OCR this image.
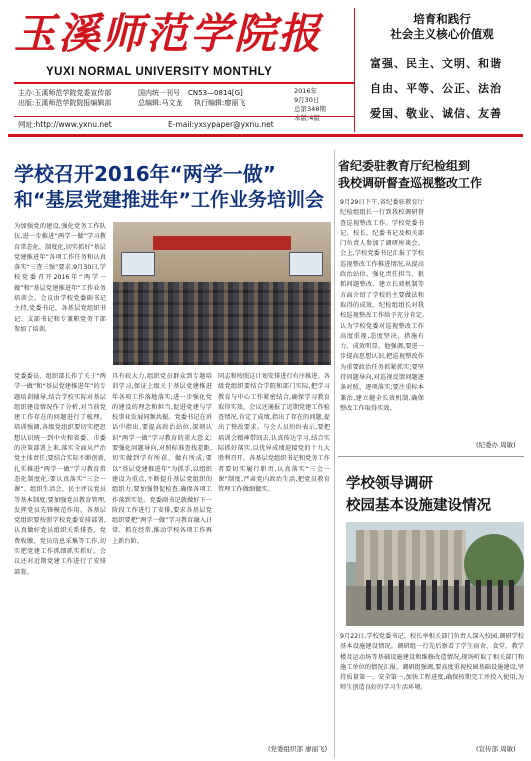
玉溪师范学院报
YUXI NORMAL UNIVERSITY MONTHLY
主办:玉溪师范学院党委宣传部
出版:玉溪师范学院院报编辑部
国内统一刊号 CN53—0814[G]
总编辑:马文龙 执行编辑:廖丽飞
2016年
9月30日
总第348期
本版:4版
网址:http://www.yxnu.net	E-mail:yxsypaper@yxnu.net
培育和践行
社会主义核心价值观
富强、民主、文明、和谐
自由、平等、公正、法治
爱国、敬业、诚信、友善
学校召开2016年“两学一做”
和“基层党建推进年”工作业务培训会
为加强党的建设,强化党务工作队伍,进一步推进“两学一做”学习教育常态化、制度化,切实抓好“基层党建推进年”各项工作任务和认真落实“三查三强”要求,9月30日,学校党委召开2016年“两学一做”和“基层党建推进年”工作业务培训会。会议由学校党委副书记主持,党委书记、各基层党组织书记、支部书记和专兼职党务干部参加了培训。
党委委员、组织部长作了关于“两学一做”和“基层党建推进年”的专题培训辅导,结合学校实际对基层组织建设情况作了分析,对当前党建工作存在的问题进行了梳理。培训强调,各级党组织要切实把思想认识统一到中央和省委、市委的决策部署上来,落实全面从严治党主体责任;要结合实际不断创新,扎实推进“两学一做”学习教育常态化制度化;要认真落实“三会一课”、组织生活会、民主评议党员等基本制度;要加强党员教育管理,发挥党员先锋模范作用。各基层党组织要按照学校党委安排部署,认真做好党员组织关系排查、党费收缴、党员信息采集等工作,切实把党建工作抓细抓实抓好。会议还对近期党建工作进行了安排部署。
具有较大力,组织党员群众到专题培训学习,保证上级关于基层党建推进年各项工作落地落实;进一步强化党的建设的理念和担当,促进党建与学校事业发展同频共振。党委书记在讲话中指出,要提高政治站位,深刻认识“两学一做”学习教育的重大意义;要强化问题导向,对照标准查找差距,切实做到学有所获、做有所成;要以“基层党建推进年”为抓手,以组织建设为重点,不断提升基层党组织的组织力;要加强督促检查,确保各项工作落到实处。党委副书记就做好下一阶段工作进行了安排,要求各基层党组织要把“两学一做”学习教育融入日常、抓在经常,推动学校各项工作再上新台阶。
同志和按照这计划安排进行有序推进。各级党组织要结合学院和部门实际,把学习教育与中心工作紧密结合,确保学习教育取得实效。会议还通报了近期党建工作检查情况,肯定了成绩,指出了存在的问题,提出了整改要求。与会人员纷纷表示,要把培训会精神带回去,认真传达学习,结合实际抓好落实,以优异成绩迎接党的十九大胜利召开。各基层党组织书记和党务工作者要切实履行职责,认真落实“三会一课”制度,严肃党内政治生活,把党员教育管理工作做细做实。
(党委组织部 廖丽飞)
省纪委驻教育厅纪检组到
我校调研督查巡视整改工作
9月29日下午,省纪委驻教育厅纪检组组长一行到我校调研督查巡视整改工作。学校党委书记、校长、纪委书记及相关部门负责人参加了调研座谈会。会上,学校党委书记汇报了学校巡视整改工作推进情况,从提高政治站位、强化责任担当、狠抓问题整改、建立长效机制等方面介绍了学校的主要做法和取得的成效。纪检组组长对我校巡视整改工作给予充分肯定,认为学校党委对巡视整改工作高度重视,态度坚决、措施有力、成效明显。他强调,要进一步提高思想认识,把巡视整改作为重要政治任务抓紧抓实;要坚持问题导向,对巡视反馈问题逐条对照、逐项落实;要注重标本兼治,建立健全长效机制,确保整改工作取得实效。
(纪委办 周敏)
学校领导调研
校园基本设施建设情况
9月22日,学校党委书记、校长率相关部门负责人深入校园,调研学校基本设施建设情况。调研组一行先后察看了学生宿舍、食堂、教学楼及运动场等基础设施建设和维修改造情况,现场听取了相关部门和施工单位的情况汇报。调研组强调,要高度重视校园基础设施建设,坚持质量第一、安全第一,加快工程进度,确保按期完工并投入使用,为师生创造良好的学习生活环境。
(宣传部 周敏)
